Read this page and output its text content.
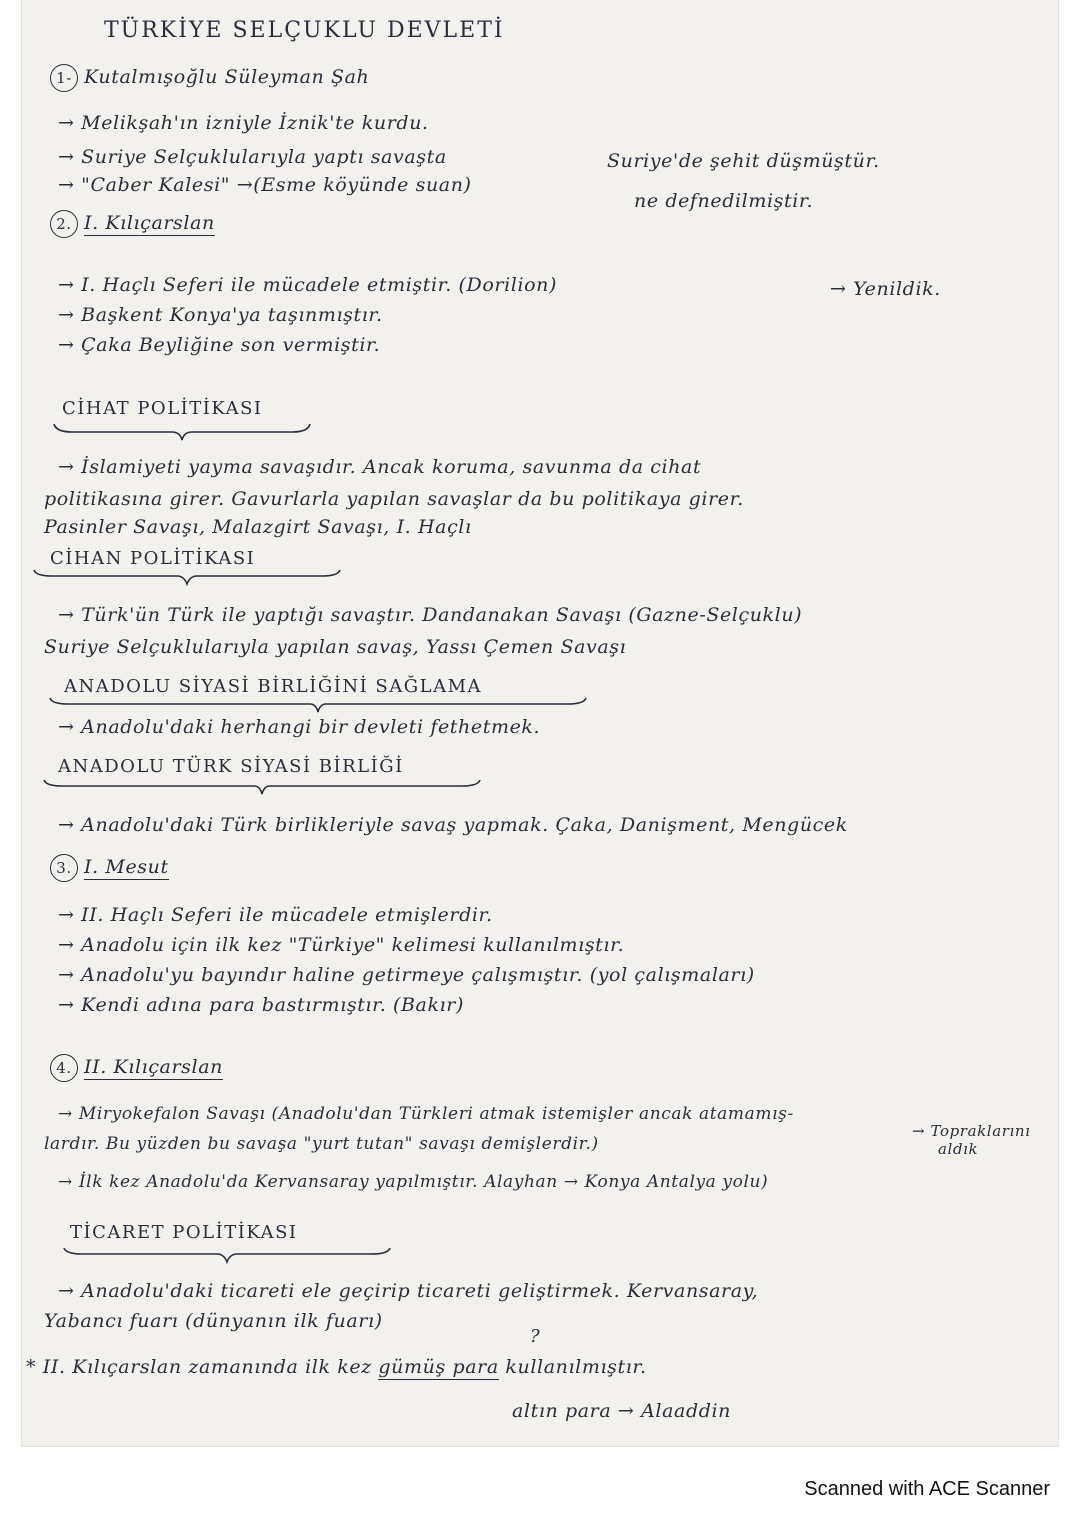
TÜRKİYE SELÇUKLU DEVLETİ
1- Kutalmışoğlu Süleyman Şah
→ Melikşah'ın izniyle İznik'te kurdu.
→ Suriye Selçuklularıyla yaptı savaşta	Suriye'de şehit düşmüştür.
→ "Caber Kalesi" →(Esme köyünde suan)
ne defnedilmiştir.
2. I. Kılıçarslan
→ I. Haçlı Seferi ile mücadele etmiştir. (Dorilion)	→ Yenildik.
→ Başkent Konya'ya taşınmıştır.
→ Çaka Beyliğine son vermiştir.
CİHAT POLİTİKASI
→ İslamiyeti yayma savaşıdır. Ancak koruma, savunma da cihat
politikasına girer. Gavurlarla yapılan savaşlar da bu politikaya girer.
Pasinler Savaşı, Malazgirt Savaşı, I. Haçlı
CİHAN POLİTİKASI
→ Türk'ün Türk ile yaptığı savaştır. Dandanakan Savaşı (Gazne-Selçuklu)
Suriye Selçuklularıyla yapılan savaş, Yassı Çemen Savaşı
ANADOLU SİYASİ BİRLİĞİNİ SAĞLAMA
→ Anadolu'daki herhangi bir devleti fethetmek.
ANADOLU TÜRK SİYASİ BİRLİĞİ
→ Anadolu'daki Türk birlikleriyle savaş yapmak. Çaka, Danişment, Mengücek
3. I. Mesut
→ II. Haçlı Seferi ile mücadele etmişlerdir.
→ Anadolu için ilk kez "Türkiye" kelimesi kullanılmıştır.
→ Anadolu'yu bayındır haline getirmeye çalışmıştır. (yol çalışmaları)
→ Kendi adına para bastırmıştır. (Bakır)
4. II. Kılıçarslan
→ Miryokefalon Savaşı (Anadolu'dan Türkleri atmak istemişler ancak atamamış-
lardır. Bu yüzden bu savaşa "yurt tutan" savaşı demişlerdir.)
→ Topraklarını
aldık
→ İlk kez Anadolu'da Kervansaray yapılmıştır. Alayhan → Konya Antalya yolu)
TİCARET POLİTİKASI
→ Anadolu'daki ticareti ele geçirip ticareti geliştirmek. Kervansaray,
Yabancı fuarı (dünyanın ilk fuarı)
?
* II. Kılıçarslan zamanında ilk kez gümüş para kullanılmıştır.
altın para → Alaaddin
Scanned with ACE Scanner
